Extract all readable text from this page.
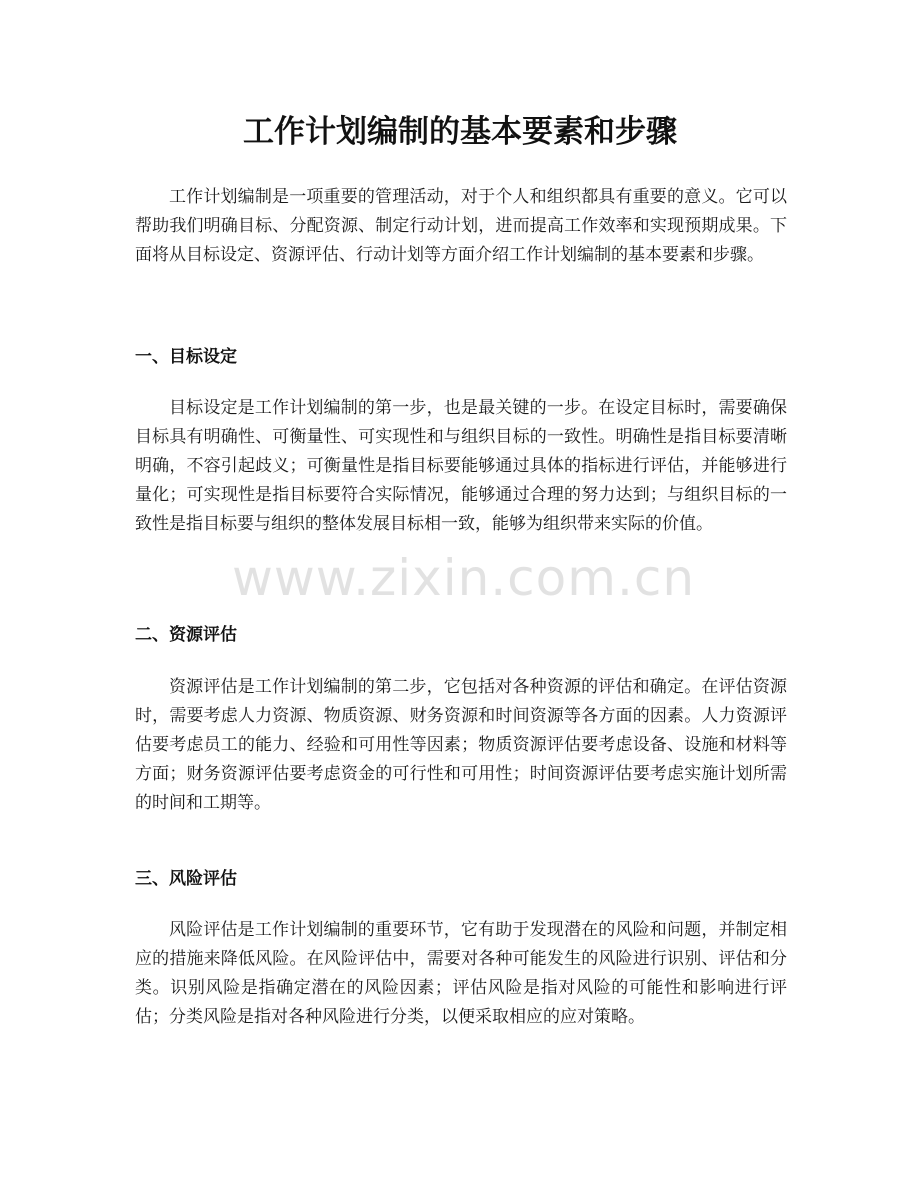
工作计划编制的基本要素和步骤

工作计划编制是一项重要的管理活动，对于个人和组织都具有重要的意义。它可以帮助我们明确目标、分配资源、制定行动计划，进而提高工作效率和实现预期成果。下面将从目标设定、资源评估、行动计划等方面介绍工作计划编制的基本要素和步骤。

一、目标设定

目标设定是工作计划编制的第一步，也是最关键的一步。在设定目标时，需要确保目标具有明确性、可衡量性、可实现性和与组织目标的一致性。明确性是指目标要清晰明确，不容引起歧义；可衡量性是指目标要能够通过具体的指标进行评估，并能够进行量化；可实现性是指目标要符合实际情况，能够通过合理的努力达到；与组织目标的一致性是指目标要与组织的整体发展目标相一致，能够为组织带来实际的价值。

二、资源评估

资源评估是工作计划编制的第二步，它包括对各种资源的评估和确定。在评估资源时，需要考虑人力资源、物质资源、财务资源和时间资源等各方面的因素。人力资源评估要考虑员工的能力、经验和可用性等因素；物质资源评估要考虑设备、设施和材料等方面；财务资源评估要考虑资金的可行性和可用性；时间资源评估要考虑实施计划所需的时间和工期等。

三、风险评估

风险评估是工作计划编制的重要环节，它有助于发现潜在的风险和问题，并制定相应的措施来降低风险。在风险评估中，需要对各种可能发生的风险进行识别、评估和分类。识别风险是指确定潜在的风险因素；评估风险是指对风险的可能性和影响进行评估；分类风险是指对各种风险进行分类，以便采取相应的应对策略。

www.zixin.com.cn
